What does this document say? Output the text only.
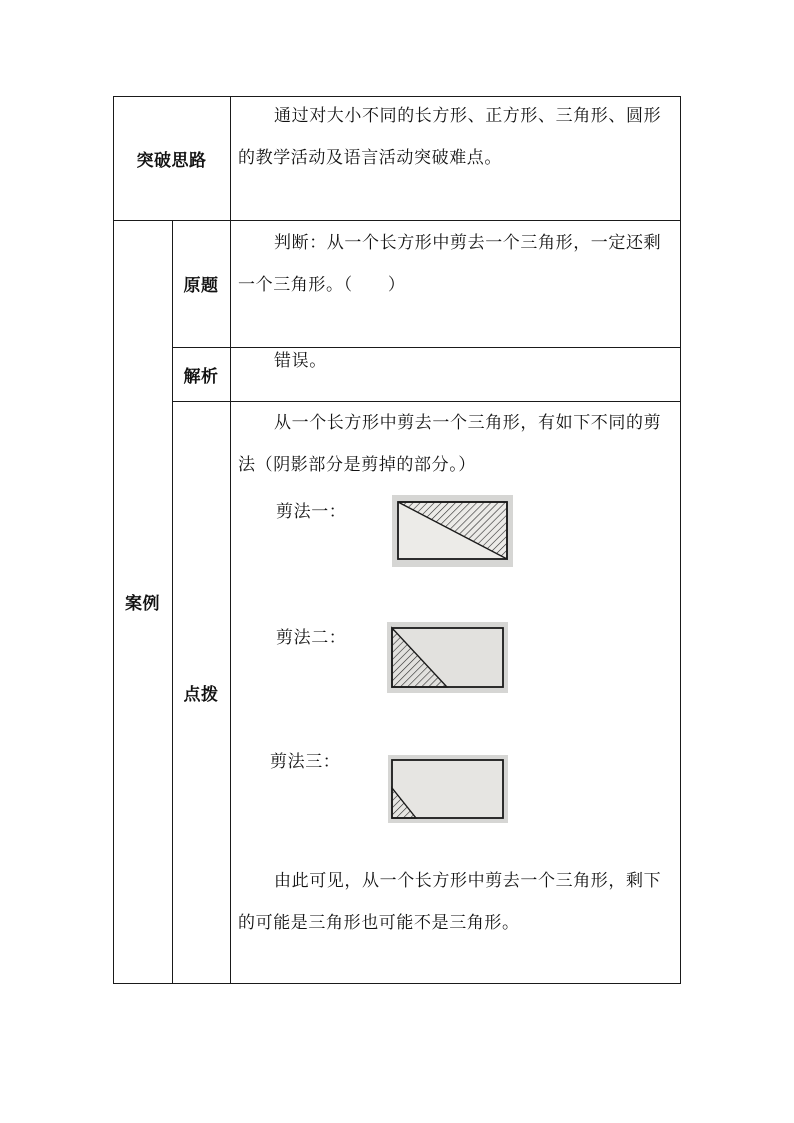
突破思路

通过对大小不同的长方形、正方形、三角形、圆形的教学活动及语言活动突破难点。

案例
原题

判断：从一个长方形中剪去一个三角形，一定还剩一个三角形。（　　）

解析

错误。

点拨

从一个长方形中剪去一个三角形，有如下不同的剪法（阴影部分是剪掉的部分。）

剪法一：
剪法二：
剪法三：

由此可见，从一个长方形中剪去一个三角形，剩下的可能是三角形也可能不是三角形。
